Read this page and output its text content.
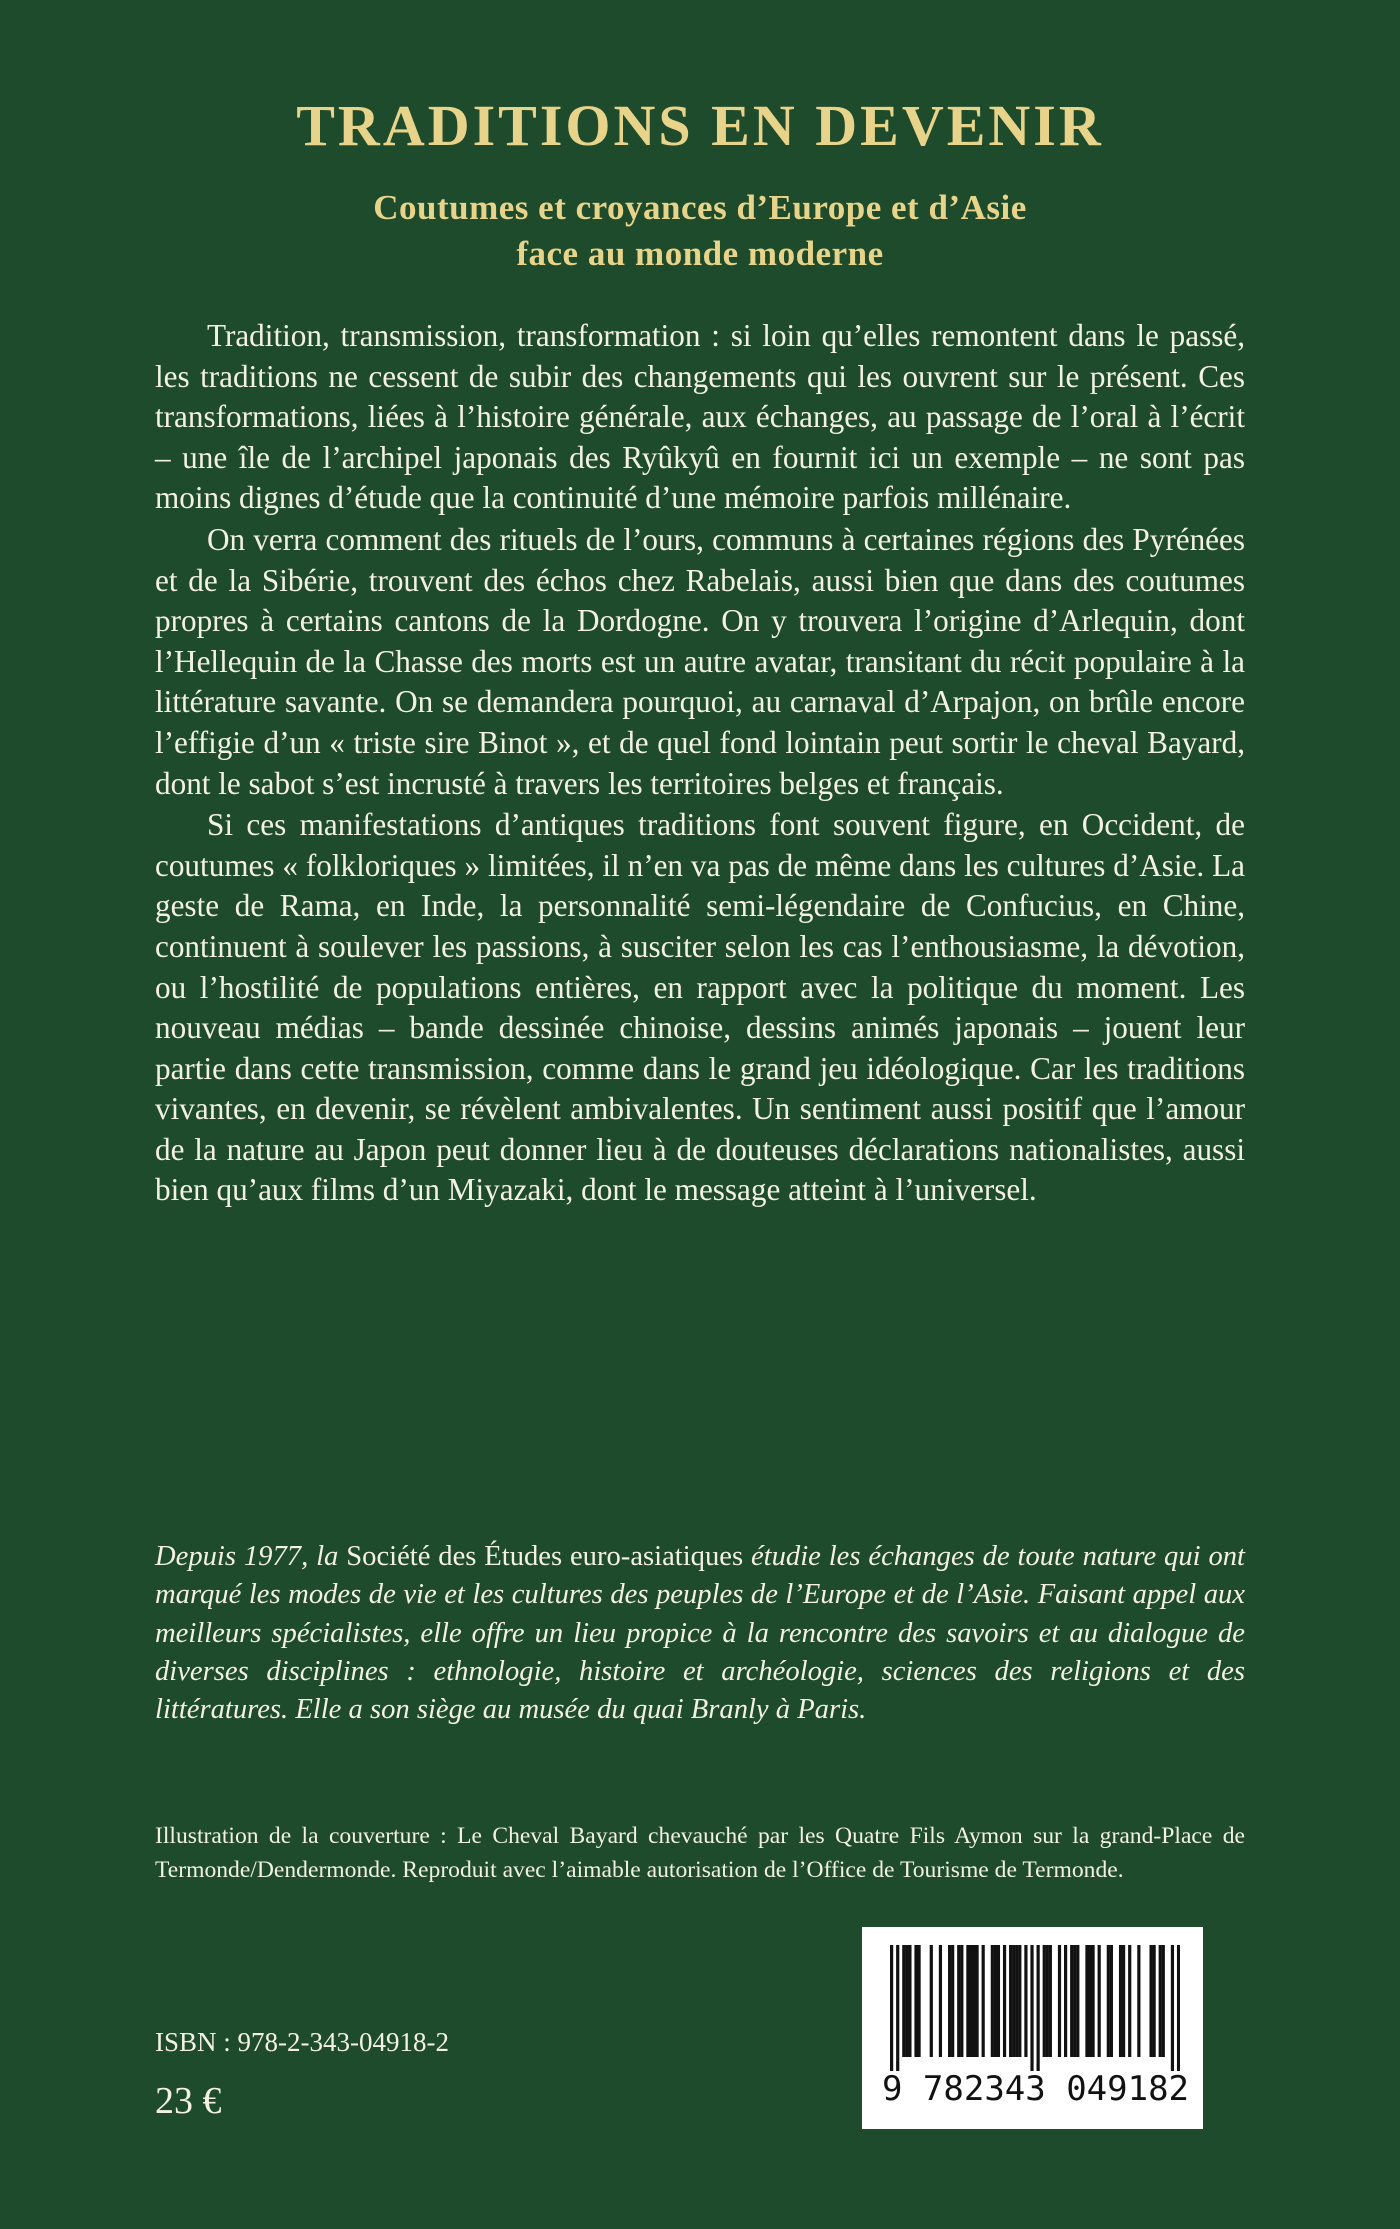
TRADITIONS EN DEVENIR
Coutumes et croyances d’Europe et d’Asie
face au monde moderne

Tradition, transmission, transformation : si loin qu’elles remontent dans le passé, les traditions ne cessent de subir des changements qui les ouvrent sur le présent. Ces transformations, liées à l’histoire générale, aux échanges, au passage de l’oral à l’écrit – une île de l’archipel japonais des Ryûkyû en fournit ici un exemple – ne sont pas moins dignes d’étude que la continuité d’une mémoire parfois millénaire.

On verra comment des rituels de l’ours, communs à certaines régions des Pyrénées et de la Sibérie, trouvent des échos chez Rabelais, aussi bien que dans des coutumes propres à certains cantons de la Dordogne. On y trouvera l’origine d’Arlequin, dont l’Hellequin de la Chasse des morts est un autre avatar, transitant du récit populaire à la littérature savante. On se demandera pourquoi, au carnaval d’Arpajon, on brûle encore l’effigie d’un « triste sire Binot », et de quel fond lointain peut sortir le cheval Bayard, dont le sabot s’est incrusté à travers les territoires belges et français.

Si ces manifestations d’antiques traditions font souvent figure, en Occident, de coutumes « folkloriques » limitées, il n’en va pas de même dans les cultures d’Asie. La geste de Rama, en Inde, la personnalité semi-légendaire de Confucius, en Chine, continuent à soulever les passions, à susciter selon les cas l’enthousiasme, la dévotion, ou l’hostilité de populations entières, en rapport avec la politique du moment. Les nouveau médias – bande dessinée chinoise, dessins animés japonais – jouent leur partie dans cette transmission, comme dans le grand jeu idéologique. Car les traditions vivantes, en devenir, se révèlent ambivalentes. Un sentiment aussi positif que l’amour de la nature au Japon peut donner lieu à de douteuses déclarations nationalistes, aussi bien qu’aux films d’un Miyazaki, dont le message atteint à l’universel.

Depuis 1977, la Société des Études euro-asiatiques étudie les échanges de toute nature qui ont marqué les modes de vie et les cultures des peuples de l’Europe et de l’Asie. Faisant appel aux meilleurs spécialistes, elle offre un lieu propice à la rencontre des savoirs et au dialogue de diverses disciplines : ethnologie, histoire et archéologie, sciences des religions et des littératures. Elle a son siège au musée du quai Branly à Paris.

Illustration de la couverture : Le Cheval Bayard chevauché par les Quatre Fils Aymon sur la grand-Place de Termonde/Dendermonde. Reproduit avec l’aimable autorisation de l’Office de Tourisme de Termonde.

ISBN : 978-2-343-04918-2

23 €	9 782343 049182
